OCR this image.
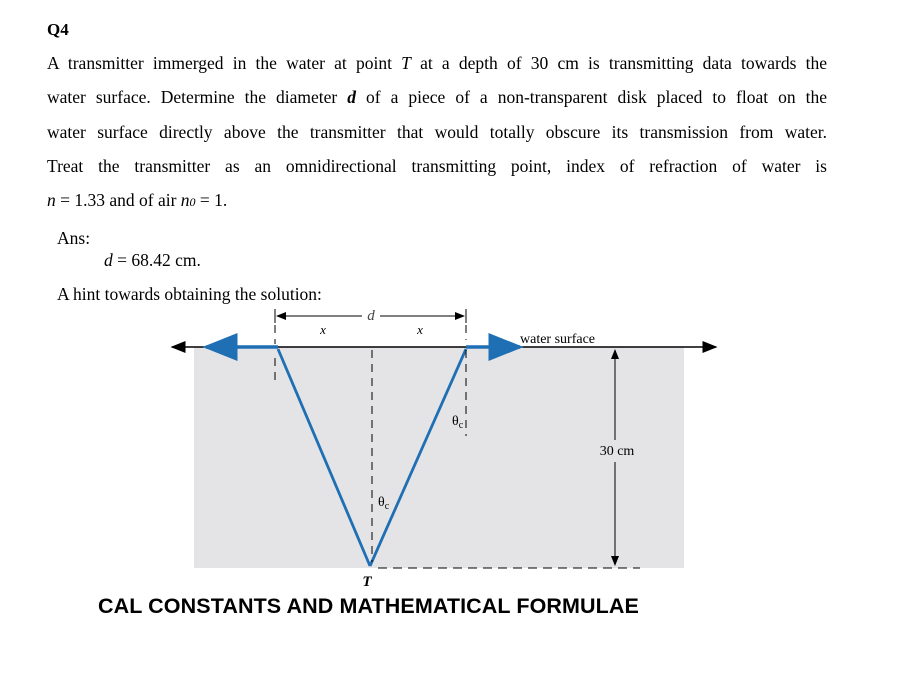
Q4

A transmitter immerged in the water at point T at a depth of 30 cm is transmitting data towards the

water surface. Determine the diameter d of a piece of a non-transparent disk placed to float on the

water surface directly above the transmitter that would totally obscure its transmission from water.

Treat the transmitter as an omnidirectional transmitting point, index of refraction of water is

n = 1.33 and of air n0 = 1.

Ans:
d = 68.42 cm.
A hint towards obtaining the solution:
d
x	x
water surface
30 cm
$\theta_c$
$\theta_c$
T
CAL CONSTANTS AND MATHEMATICAL FORMULAE
